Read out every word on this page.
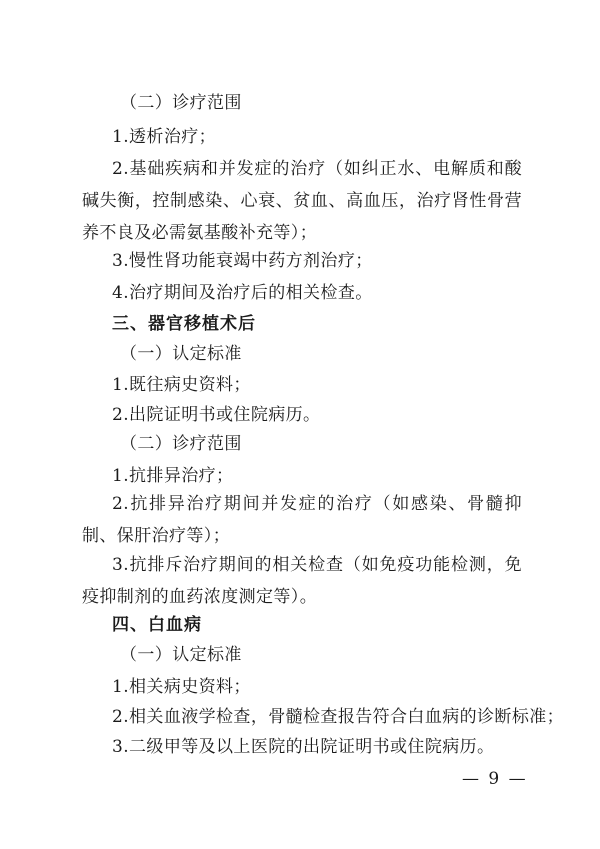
（二）诊疗范围
1.透析治疗；
2.基础疾病和并发症的治疗（如纠正水、电解质和酸碱失衡，控制感染、心衰、贫血、高血压，治疗肾性骨营养不良及必需氨基酸补充等）；
3.慢性肾功能衰竭中药方剂治疗；
4.治疗期间及治疗后的相关检查。
三、器官移植术后
（一）认定标准
1.既往病史资料；
2.出院证明书或住院病历。
（二）诊疗范围
1.抗排异治疗；
2.抗排异治疗期间并发症的治疗（如感染、骨髓抑制、保肝治疗等）；
3.抗排斥治疗期间的相关检查（如免疫功能检测，免疫抑制剂的血药浓度测定等）。
四、白血病
（一）认定标准
1.相关病史资料；
2.相关血液学检查，骨髓检查报告符合白血病的诊断标准；
3.二级甲等及以上医院的出院证明书或住院病历。
— 9 —
